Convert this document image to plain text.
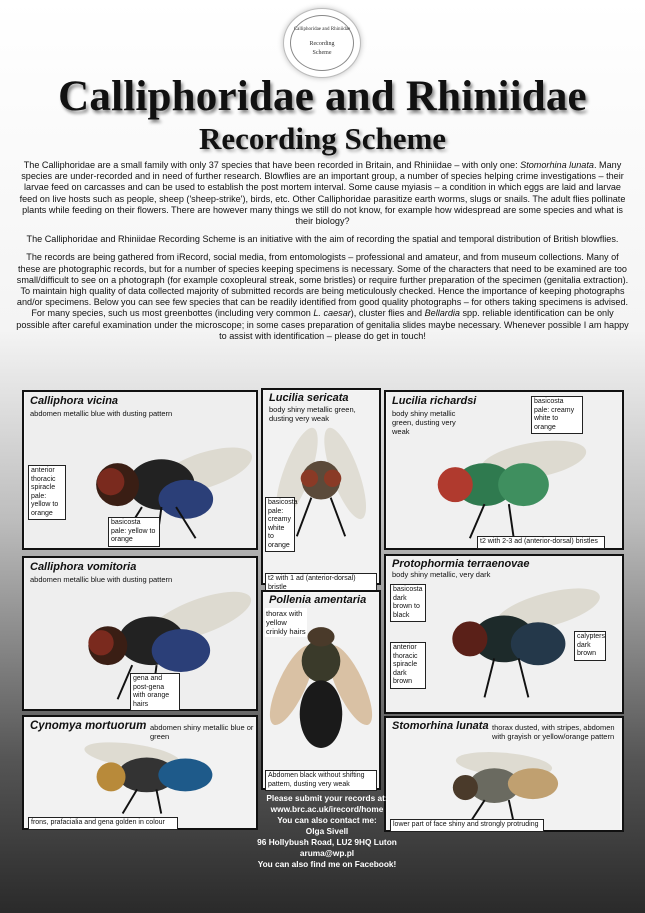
Calliphoridae and Rhiniidae
Recording
Scheme
Calliphoridae and Rhiniidae
Recording Scheme

The Calliphoridae are a small family with only 37 species that have been recorded in Britain, and Rhiniidae – with only one: Stomorhina lunata. Many species are under-recorded and in need of further research. Blowflies are an important group, a number of species helping crime investigations – their larvae feed on carcasses and can be used to establish the post mortem interval. Some cause myiasis – a condition in which eggs are laid and larvae feed on live hosts such as people, sheep ('sheep-strike'), birds, etc. Other Calliphoridae parasitize earth worms, slugs or snails. The adult flies pollinate plants while feeding on their flowers. There are however many things we still do not know, for example how widespread are some species and what is their biology?

The Calliphoridae and Rhiniidae Recording Scheme is an initiative with the aim of recording the spatial and temporal distribution of British blowflies.

The records are being gathered from iRecord, social media, from entomologists – professional and amateur, and from museum collections. Many of these are photographic records, but for a number of species keeping specimens is necessary. Some of the characters that need to be examined are too small/difficult to see on a photograph (for example coxopleural streak, some bristles) or require further preparation of the specimen (genitalia extraction). To maintain high quality of data collected majority of submitted records are being meticulously checked. Hence the importance of keeping photographs and/or specimens. Below you can see few species that can be readily identified from good quality photographs – for others taking specimens is advised. For many species, such us most greenbottes (including very common L. caesar), cluster flies and Bellardia spp. reliable identification can be only possible after careful examination under the microscope; in some cases preparation of genitalia slides maybe necessary. Whenever possible I am happy to assist with identification – please do get in touch!

Calliphora vicina
abdomen metallic blue with dusting pattern
anterior thoracic spiracle pale: yellow to orange
basicosta pale: yellow to orange
Lucilia sericata
body shiny metallic green, dusting very weak
basicosta pale: creamy white to orange
t2 with 1 ad (anterior-dorsal) bristle
Lucilia richardsi
body shiny metallic green, dusting very weak
basicosta pale: creamy white to orange
t2 with 2-3 ad (anterior-dorsal) bristles
Calliphora vomitoria
abdomen metallic blue with dusting pattern
gena and post-gena with orange hairs
Pollenia amentaria
thorax with yellow crinkly hairs
Abdomen black without shifting pattern, dusting very weak
Protophormia terraenovae
body shiny metallic, very dark
basicosta dark brown to black
anterior thoracic spiracle dark brown
calypters dark brown
Cynomya mortuorum abdomen shiny metallic blue or green
frons, prafacialia and gena golden in colour
Stomorhina lunata thorax dusted, with stripes, abdomen with grayish or yellow/orange pattern
lower part of face shiny and strongly protruding
Please submit your records at:
www.brc.ac.uk/irecord/home
You can also contact me:
Olga Sivell
96 Hollybush Road, LU2 9HQ Luton
aruma@wp.pl
You can also find me on Facebook!
